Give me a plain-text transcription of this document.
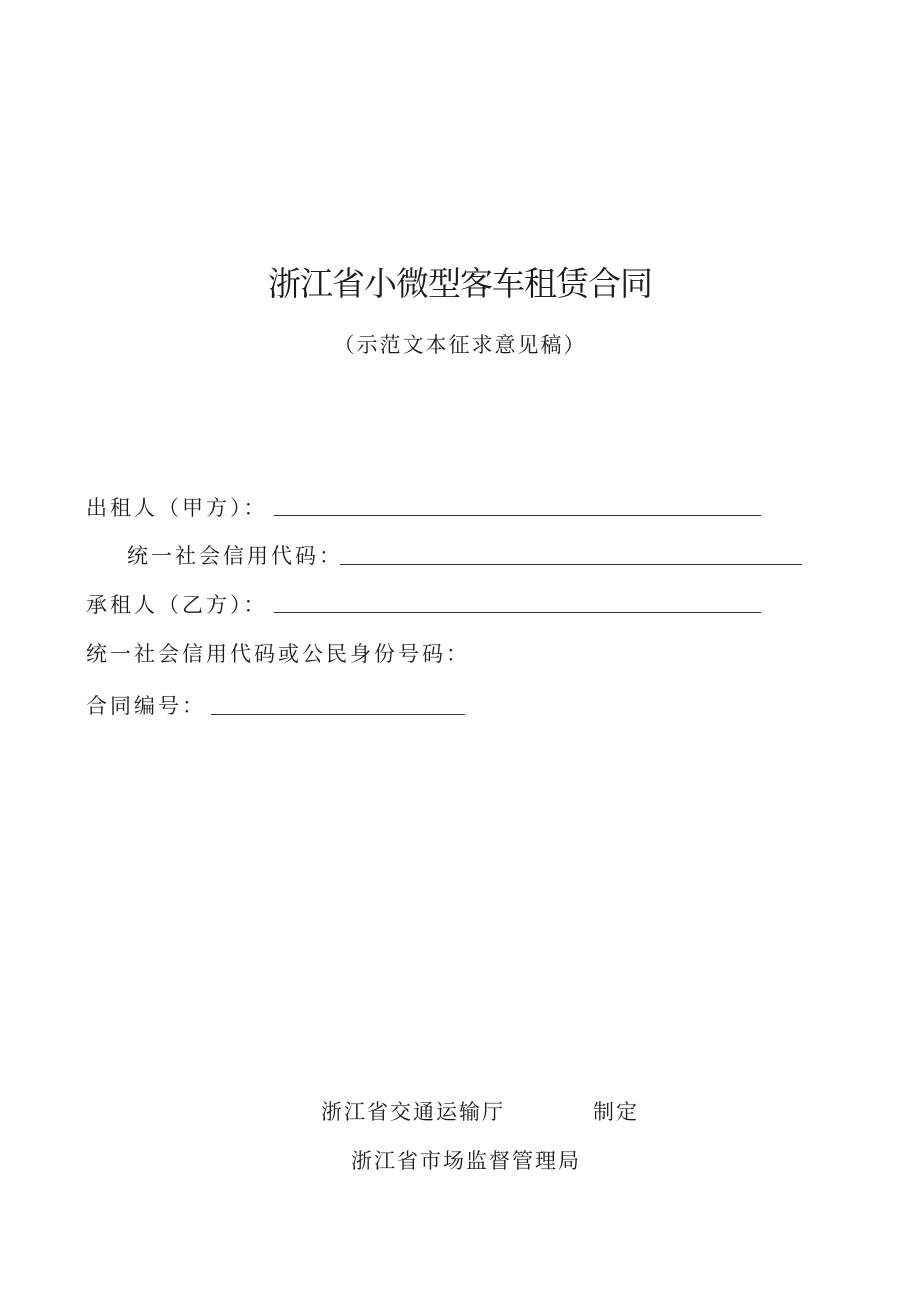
浙江省小微型客车租赁合同
（示范文本征求意见稿）
出租人（甲方）：
统一社会信用代码：
承租人（乙方）：
统一社会信用代码或公民身份号码：
合同编号：
浙江省交通运输厅	制定
浙江省市场监督管理局
